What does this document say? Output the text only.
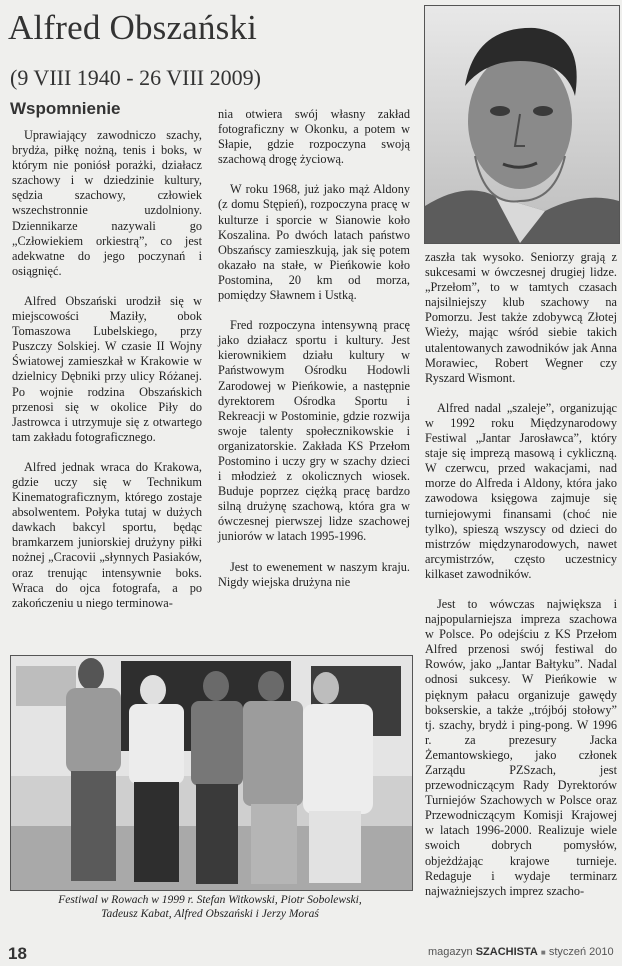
Alfred Obszański
(9 VIII 1940 - 26 VIII 2009)
Wspomnienie

Uprawiający zawodniczo szachy, brydża, piłkę nożną, tenis i boks, w którym nie poniósł porażki, działacz szachowy i w dziedzinie kultury, sędzia szachowy, człowiek wszechstronnie uzdolniony. Dziennikarze nazywali go „Człowiekiem orkiestrą”, co jest adekwatne do jego poczynań i osiągnięć.

Alfred Obszański urodził się w miejscowości Maziły, obok Tomaszowa Lubelskiego, przy Puszczy Solskiej. W czasie II Wojny Światowej zamieszkał w Krakowie w dzielnicy Dębniki przy ulicy Różanej. Po wojnie rodzina Obszańskich przenosi się w okolice Piły do Jastrowca i utrzymuje się z otwartego tam zakładu fotograficznego.

Alfred jednak wraca do Krakowa, gdzie uczy się w Technikum Kinematograficznym, którego zostaje absolwentem. Połyka tutaj w dużych dawkach bakcyl sportu, będąc bramkarzem juniorskiej drużyny piłki nożnej „Cracovii „słynnych Pasiaków, oraz trenując intensywnie boks. Wraca do ojca fotografa, a po zakończeniu u niego terminowa-

nia otwiera swój własny zakład fotograficzny w Okonku, a potem w Słapie, gdzie rozpoczyna swoją szachową drogę życiową.

W roku 1968, już jako mąż Aldony (z domu Stępień), rozpoczyna pracę w kulturze i sporcie w Sianowie koło Koszalina. Po dwóch latach państwo Obszańscy zamieszkują, jak się potem okazało na stałe, w Pieńkowie koło Postomina, 20 km od morza, pomiędzy Sławnem i Ustką.

Fred rozpoczyna intensywną pracę jako działacz sportu i kultury. Jest kierownikiem działu kultury w Państwowym Ośrodku Hodowli Zarodowej w Pieńkowie, a następnie dyrektorem Ośrodka Sportu i Rekreacji w Postominie, gdzie rozwija swoje talenty społecznikowskie i organizatorskie. Zakłada KS Przełom Postomino i uczy gry w szachy dzieci i młodzież z okolicznych wiosek. Buduje poprzez ciężką pracę bardzo silną drużynę szachową, która gra w ówczesnej pierwszej lidze szachowej juniorów w latach 1995-1996.

Jest to ewenement w naszym kraju. Nigdy wiejska drużyna nie

zaszła tak wysoko. Seniorzy grają z sukcesami w ówczesnej drugiej lidze. „Przełom”, to w tamtych czasach najsilniejszy klub szachowy na Pomorzu. Jest także zdobywcą Złotej Wieży, mając wśród siebie takich utalentowanych zawodników jak Anna Morawiec, Robert Wegner czy Ryszard Wismont.

Alfred nadal „szaleje”, organizując w 1992 roku Międzynarodowy Festiwal „Jantar Jarosławca”, który staje się imprezą masową i cykliczną. W czerwcu, przed wakacjami, nad morze do Alfreda i Aldony, która jako zawodowa księgowa zajmuje się turniejowymi finansami (choć nie tylko), spieszą wszyscy od dzieci do mistrzów międzynarodowych, nawet arcymistrzów, często uczestnicy kilkaset zawodników.

Jest to wówczas największa i najpopularniejsza impreza szachowa w Polsce. Po odejściu z KS Przełom Alfred przenosi swój festiwal do Rowów, jako „Jantar Bałtyku”. Nadal odnosi sukcesy. W Pieńkowie w pięknym pałacu organizuje gawędy bokserskie, a także „trójbój stołowy” tj. szachy, brydż i ping-pong. W 1996 r. za prezesury Jacka Żemantowskiego, jako członek Zarządu PZSzach, jest przewodniczącym Rady Dyrektorów Turniejów Szachowych w Polsce oraz Przewodniczącym Komisji Krajowej w latach 1996-2000. Realizuje wiele swoich dobrych pomysłów, objeżdżając krajowe turnieje. Redaguje i wydaje terminarz najważniejszych imprez szacho-

Festiwal w Rowach w 1999 r. Stefan Witkowski, Piotr Sobolewski, Tadeusz Kabat, Alfred Obszański i Jerzy Moraś
18	magazyn SZACHISTA ■ styczeń 2010
